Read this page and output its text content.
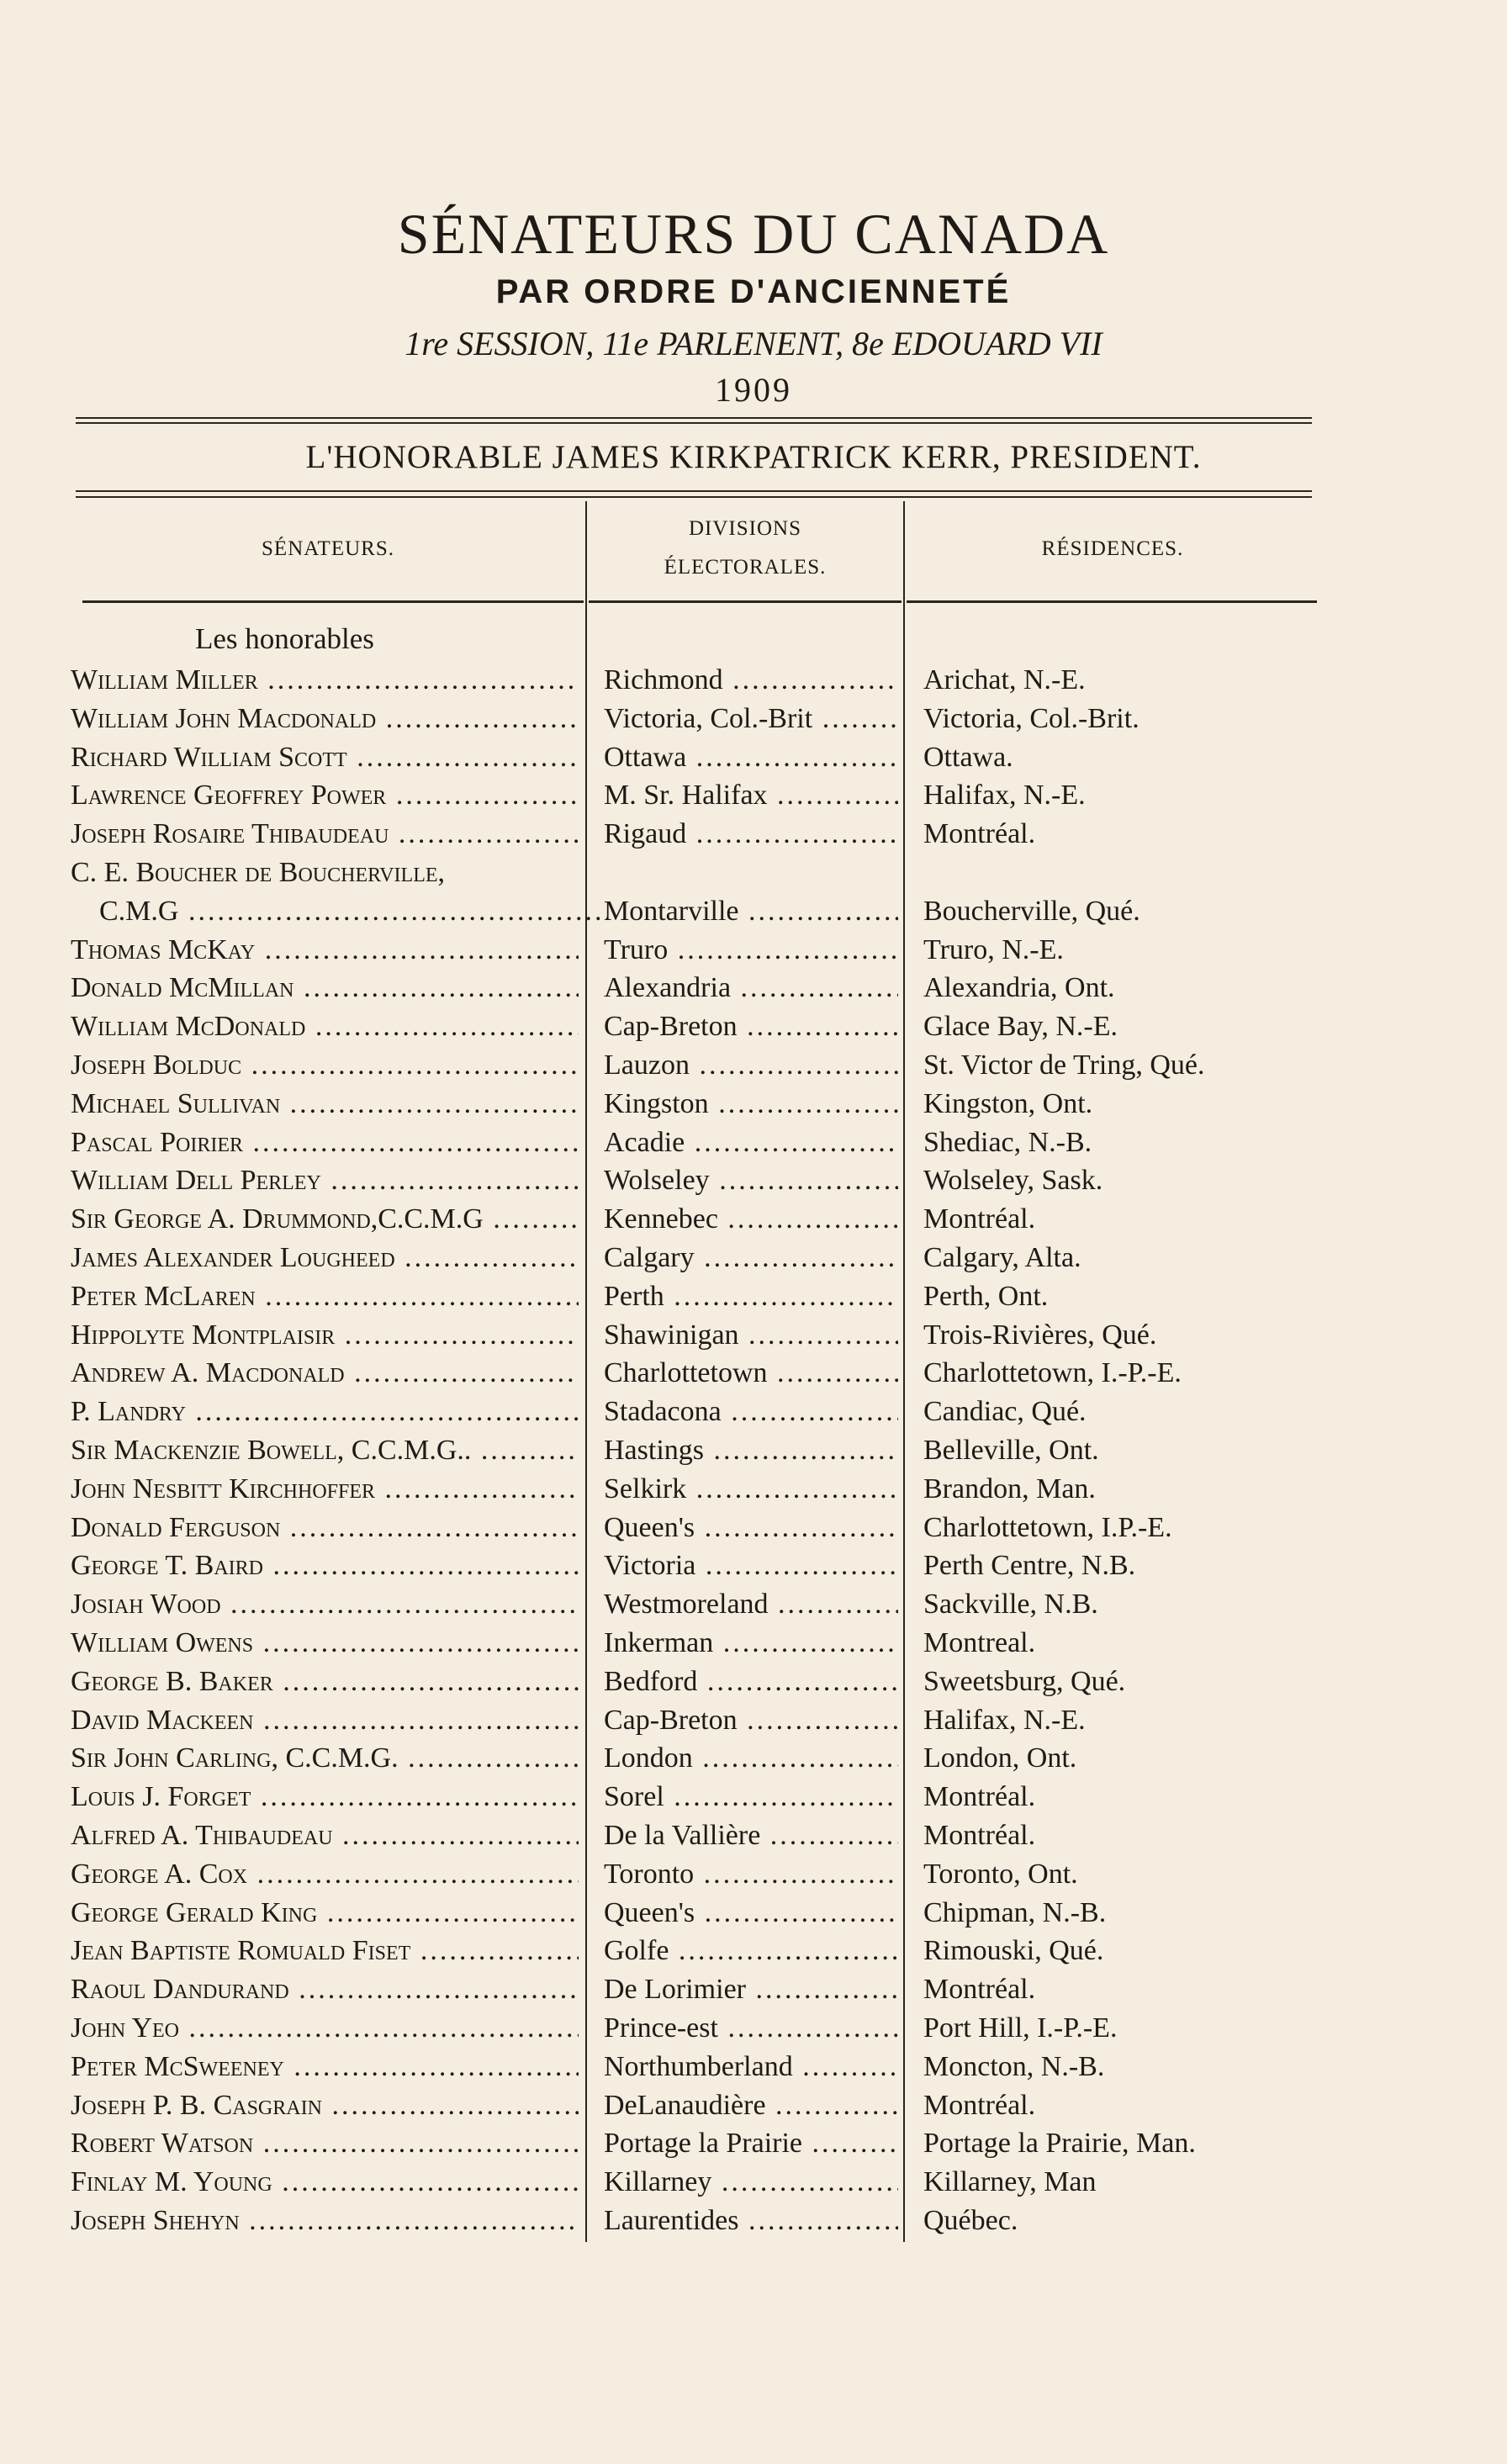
SÉNATEURS DU CANADA
PAR ORDRE D'ANCIENNETÉ
1re SESSION, 11e PARLENENT, 8e EDOUARD VII
1909
L'HONORABLE JAMES KIRKPATRICK KERR, PRESIDENT.
SÉNATEURS.
DIVISIONS
ÉLECTORALES.
RÉSIDENCES.
Les honorables
William Miller .....	Richmond .....	Arichat, N.-E.
William John Macdonald .....	Victoria, Col.-Brit .....	Victoria, Col.-Brit.
Richard William Scott .....	Ottawa .....	Ottawa.
Lawrence Geoffrey Power .....	M. Sr. Halifax .....	Halifax, N.-E.
Joseph Rosaire Thibaudeau .....	Rigaud .....	Montréal.
C. E. Boucher de Boucherville,
C.M.G .....	Montarville .....	Boucherville, Qué.
Thomas McKay .....	Truro .....	Truro, N.-E.
Donald McMillan .....	Alexandria .....	Alexandria, Ont.
William McDonald .....	Cap-Breton .....	Glace Bay, N.-E.
Joseph Bolduc .....	Lauzon .....	St. Victor de Tring, Qué.
Michael Sullivan .....	Kingston .....	Kingston, Ont.
Pascal Poirier .....	Acadie .....	Shediac, N.-B.
William Dell Perley .....	Wolseley .....	Wolseley, Sask.
Sir George A. Drummond,C.C.M.G .....	Kennebec .....	Montréal.
James Alexander Lougheed .....	Calgary .....	Calgary, Alta.
Peter McLaren .....	Perth .....	Perth, Ont.
Hippolyte Montplaisir .....	Shawinigan .....	Trois-Rivières, Qué.
Andrew A. Macdonald .....	Charlottetown .....	Charlottetown, I.-P.-E.
P. Landry .....	Stadacona .....	Candiac, Qué.
Sir Mackenzie Bowell, C.C.M.G.. .....	Hastings .....	Belleville, Ont.
John Nesbitt Kirchhoffer .....	Selkirk .....	Brandon, Man.
Donald Ferguson .....	Queen's .....	Charlottetown, I.P.-E.
George T. Baird .....	Victoria .....	Perth Centre, N.B.
Josiah Wood .....	Westmoreland .....	Sackville, N.B.
William Owens .....	Inkerman .....	Montreal.
George B. Baker .....	Bedford .....	Sweetsburg, Qué.
David Mackeen .....	Cap-Breton .....	Halifax, N.-E.
Sir John Carling, C.C.M.G. .....	London .....	London, Ont.
Louis J. Forget .....	Sorel .....	Montréal.
Alfred A. Thibaudeau .....	De la Vallière .....	Montréal.
George A. Cox .....	Toronto .....	Toronto, Ont.
George Gerald King .....	Queen's .....	Chipman, N.-B.
Jean Baptiste Romuald Fiset .....	Golfe .....	Rimouski, Qué.
Raoul Dandurand .....	De Lorimier .....	Montréal.
John Yeo .....	Prince-est .....	Port Hill, I.-P.-E.
Peter McSweeney .....	Northumberland .....	Moncton, N.-B.
Joseph P. B. Casgrain .....	DeLanaudière .....	Montréal.
Robert Watson .....	Portage la Prairie .....	Portage la Prairie, Man.
Finlay M. Young .....	Killarney .....	Killarney, Man
Joseph Shehyn .....	Laurentides .....	Québec.
